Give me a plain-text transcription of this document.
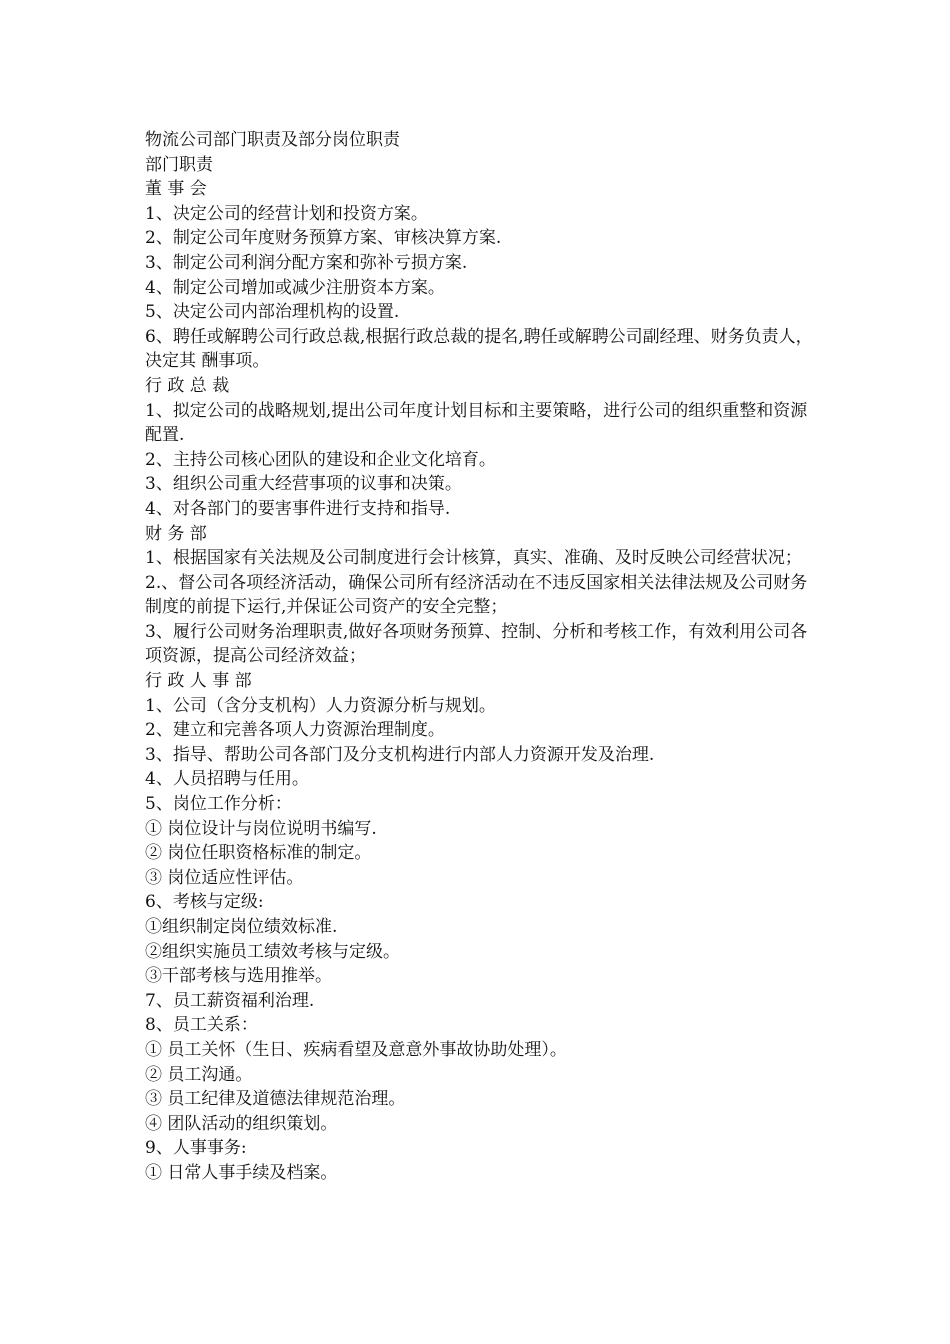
物流公司部门职责及部分岗位职责

部门职责

董 事 会

1、决定公司的经营计划和投资方案。

2、制定公司年度财务预算方案、审核决算方案.

3、制定公司利润分配方案和弥补亏损方案.

4、制定公司增加或减少注册资本方案。

5、决定公司内部治理机构的设置.

6、聘任或解聘公司行政总裁,根据行政总裁的提名,聘任或解聘公司副经理、财务负责人，决定其 酬事项。

行 政 总 裁

1、拟定公司的战略规划,提出公司年度计划目标和主要策略，进行公司的组织重整和资源配置.

2、主持公司核心团队的建设和企业文化培育。

3、组织公司重大经营事项的议事和决策。

4、对各部门的要害事件进行支持和指导.

财 务 部

1、根据国家有关法规及公司制度进行会计核算，真实、准确、及时反映公司经营状况；

2.、督公司各项经济活动，确保公司所有经济活动在不违反国家相关法律法规及公司财务制度的前提下运行,并保证公司资产的安全完整；

3、履行公司财务治理职责,做好各项财务预算、控制、分析和考核工作，有效利用公司各项资源，提高公司经济效益；

行 政 人 事 部

1、公司（含分支机构）人力资源分析与规划。

2、建立和完善各项人力资源治理制度。

3、指导、帮助公司各部门及分支机构进行内部人力资源开发及治理.

4、人员招聘与任用。

5、岗位工作分析：

① 岗位设计与岗位说明书编写.

② 岗位任职资格标准的制定。

③ 岗位适应性评估。

6、考核与定级:

①组织制定岗位绩效标准.

②组织实施员工绩效考核与定级。

③干部考核与选用推举。

7、员工薪资福利治理.

8、员工关系：

① 员工关怀（生日、疾病看望及意意外事故协助处理）。

② 员工沟通。

③ 员工纪律及道德法律规范治理。

④ 团队活动的组织策划。

9、人事事务:

① 日常人事手续及档案。
